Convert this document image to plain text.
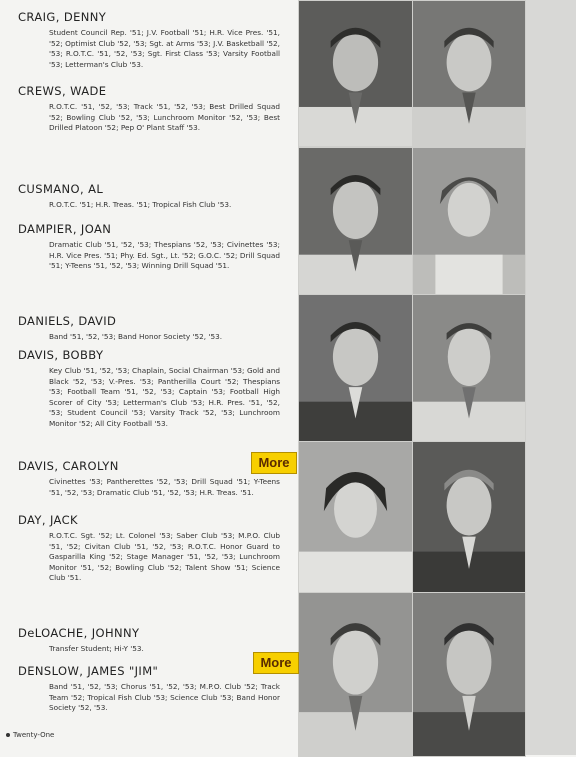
CRAIG, DENNY
Student Council Rep. '51; J.V. Football '51; H.R. Vice Pres. '51, '52; Optimist Club '52, '53; Sgt. at Arms '53; J.V. Basketball '52, '53; R.O.T.C. '51, '52, '53; Sgt. First Class '53; Varsity Football '53; Letterman's Club '53.
CREWS, WADE
R.O.T.C. '51, '52, '53; Track '51, '52, '53; Best Drilled Squad '52; Bowling Club '52, '53; Lunchroom Monitor '52, '53; Best Drilled Platoon '52; Pep O' Plant Staff '53.
CUSMANO, AL
R.O.T.C. '51; H.R. Treas. '51; Tropical Fish Club '53.
DAMPIER, JOAN
Dramatic Club '51, '52, '53; Thespians '52, '53; Civinettes '53; H.R. Vice Pres. '51; Phy. Ed. Sgt., Lt. '52; G.O.C. '52; Drill Squad '51; Y-Teens '51, '52, '53; Winning Drill Squad '51.
DANIELS, DAVID
Band '51, '52, '53; Band Honor Society '52, '53.
DAVIS, BOBBY
Key Club '51, '52, '53; Chaplain, Social Chairman '53; Gold and Black '52, '53; V.-Pres. '53; Pantherilla Court '52; Thespians '53; Football Team '51, '52, '53; Captain '53; Football High Scorer of City '53; Letterman's Club '53; H.R. Pres. '51, '52, '53; Student Council '53; Varsity Track '52, '53; Lunchroom Monitor '52; All City Football '53.
DAVIS, CAROLYN
Civinettes '53; Pantherettes '52, '53; Drill Squad '51; Y-Teens '51, '52, '53; Dramatic Club '51, '52, '53; H.R. Treas. '51.
DAY, JACK
R.O.T.C. Sgt. '52; Lt. Colonel '53; Saber Club '53; M.P.O. Club '51, '52; Civitan Club '51, '52, '53; R.O.T.C. Honor Guard to Gasparilla King '52; Stage Manager '51, '52, '53; Lunchroom Monitor '51, '52; Bowling Club '52; Talent Show '51; Science Club '51.
DeLOACHE, JOHNNY
Transfer Student; Hi-Y '53.
DENSLOW, JAMES "JIM"
Band '51, '52, '53; Chorus '51, '52, '53; M.P.O. Club '52; Track Team '52; Tropical Fish Club '53; Science Club '53; Band Honor Society '52, '53.
More
More
Twenty-One
